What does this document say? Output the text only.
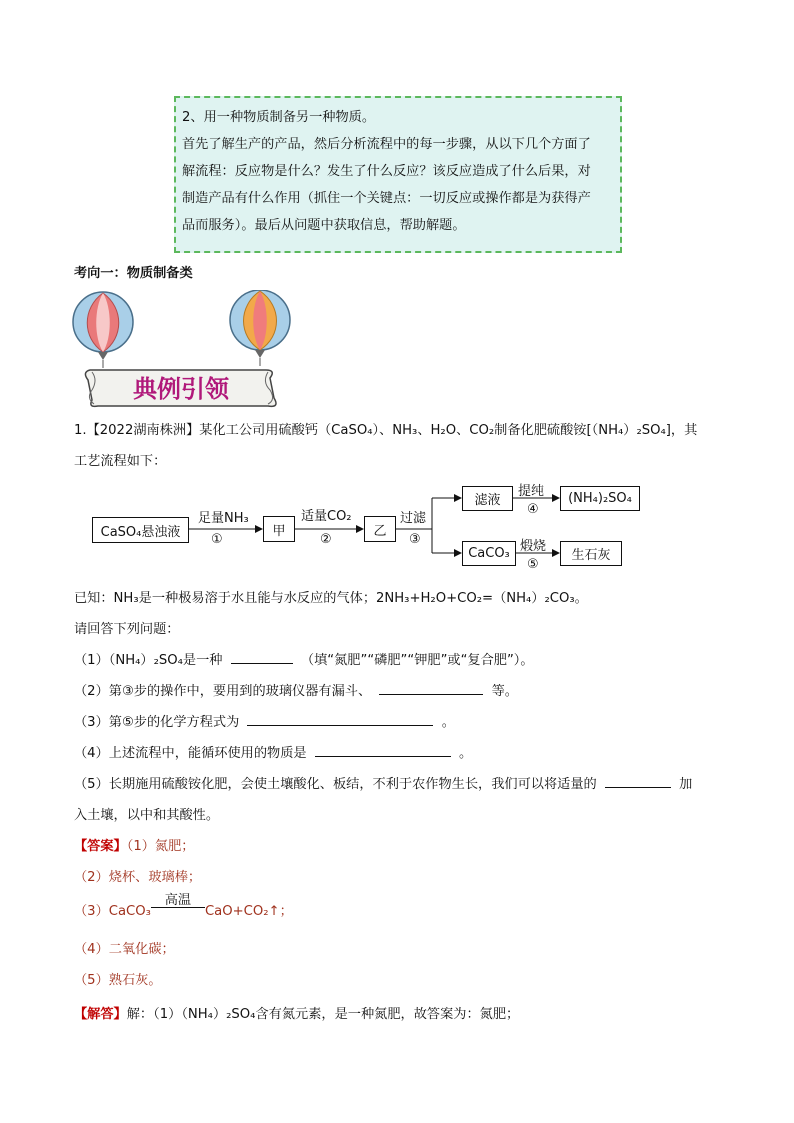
2、用一种物质制备另一种物质。

首先了解生产的产品，然后分析流程中的每一步骤，从以下几个方面了

解流程：反应物是什么？发生了什么反应？该反应造成了什么后果，对

制造产品有什么作用（抓住一个关键点：一切反应或操作都是为获得产

品而服务）。最后从问题中获取信息，帮助解题。

考向一：物质制备类
典例引领
1.【2022湖南株洲】某化工公司用硫酸钙（CaSO₄）、NH₃、H₂O、CO₂制备化肥硫酸铵[（NH₄）₂SO₄]，其
工艺流程如下：
CaSO₄悬浊液
足量NH₃
①
甲
适量CO₂
②
乙
过滤
③
滤液
提纯
④
(NH₄)₂SO₄
CaCO₃ 煅烧
⑤
生石灰
已知：NH₃是一种极易溶于水且能与水反应的气体；2NH₃+H₂O+CO₂=（NH₄）₂CO₃。
请回答下列问题：
（1）（NH₄）₂SO₄是一种	（填“氮肥”“磷肥”“钾肥”或“复合肥”）。
（2）第③步的操作中，要用到的玻璃仪器有漏斗、	等。
（3）第⑤步的化学方程式为	。
（4）上述流程中，能循环使用的物质是	。
（5）长期施用硫酸铵化肥，会使土壤酸化、板结，不利于农作物生长，我们可以将适量的	加
入土壤，以中和其酸性。
【答案】（1）氮肥；
（2）烧杯、玻璃棒；
（3）CaCO₃
高温
CaO+CO₂↑；
（4）二氧化碳；
（5）熟石灰。
【解答】解：（1）（NH₄）₂SO₄含有氮元素，是一种氮肥，故答案为：氮肥；
